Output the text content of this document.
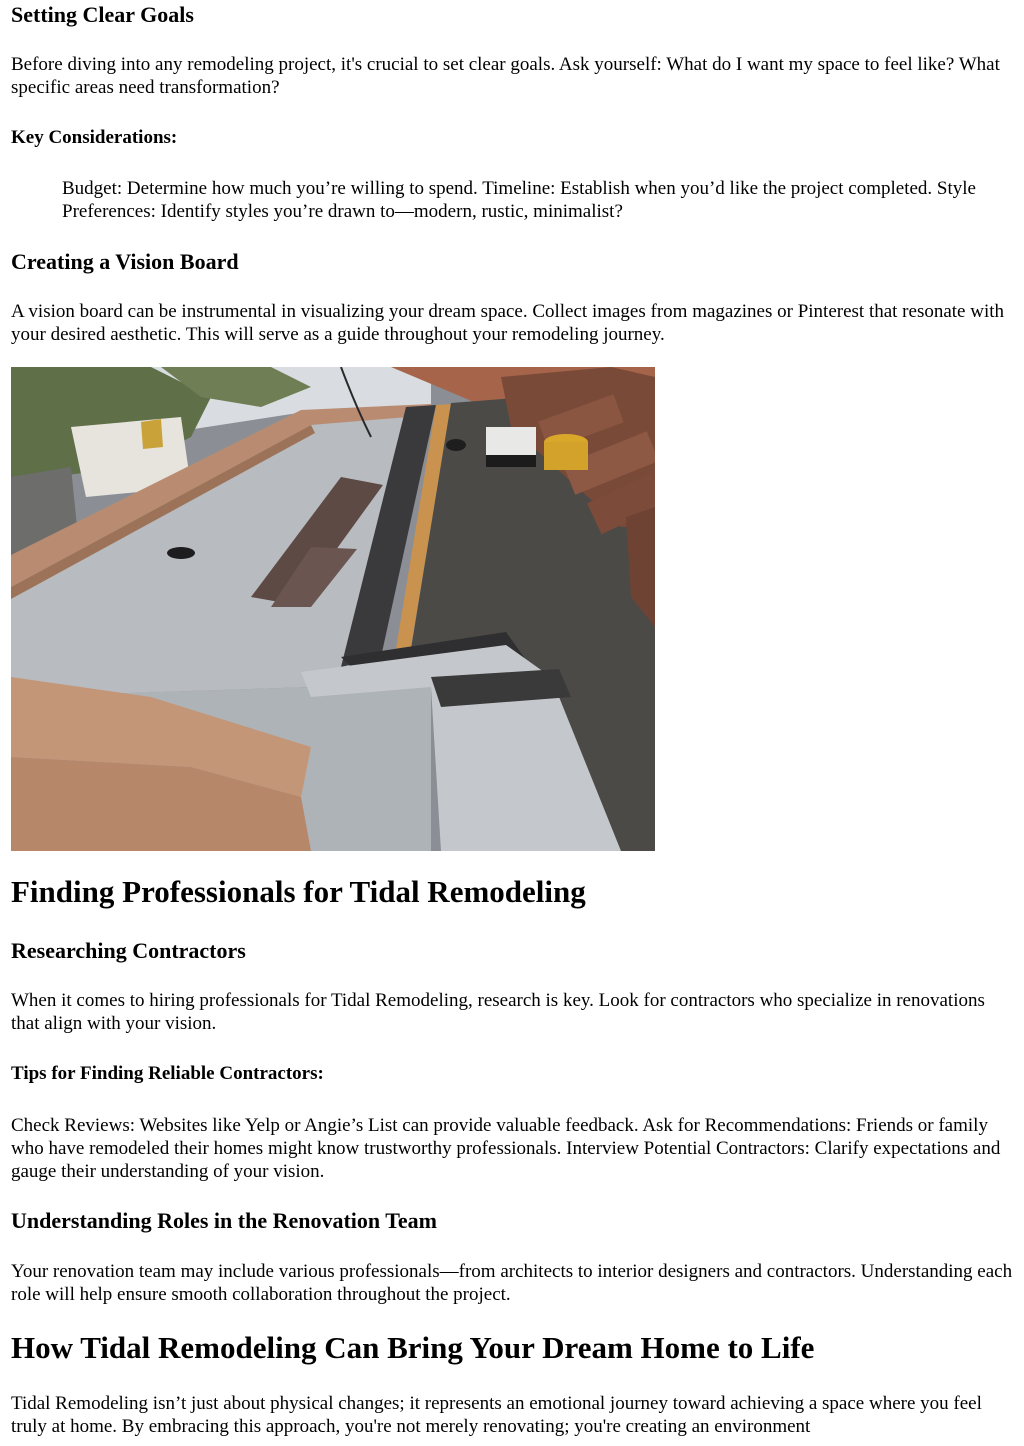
Setting Clear Goals

Before diving into any remodeling project, it's crucial to set clear goals. Ask yourself: What do I want my space to feel like? What specific areas need transformation?

Key Considerations:

Budget: Determine how much you’re willing to spend. Timeline: Establish when you’d like the project completed. Style Preferences: Identify styles you’re drawn to—modern, rustic, minimalist?

Creating a Vision Board

A vision board can be instrumental in visualizing your dream space. Collect images from magazines or Pinterest that resonate with your desired aesthetic. This will serve as a guide throughout your remodeling journey.

Finding Professionals for Tidal Remodeling
Researching Contractors

When it comes to hiring professionals for Tidal Remodeling, research is key. Look for contractors who specialize in renovations that align with your vision.

Tips for Finding Reliable Contractors:

Check Reviews: Websites like Yelp or Angie’s List can provide valuable feedback. Ask for Recommendations: Friends or family who have remodeled their homes might know trustworthy professionals. Interview Potential Contractors: Clarify expectations and gauge their understanding of your vision.

Understanding Roles in the Renovation Team

Your renovation team may include various professionals—from architects to interior designers and contractors. Understanding each role will help ensure smooth collaboration throughout the project.

How Tidal Remodeling Can Bring Your Dream Home to Life

Tidal Remodeling isn’t just about physical changes; it represents an emotional journey toward achieving a space where you feel truly at home. By embracing this approach, you're not merely renovating; you're creating an environment
